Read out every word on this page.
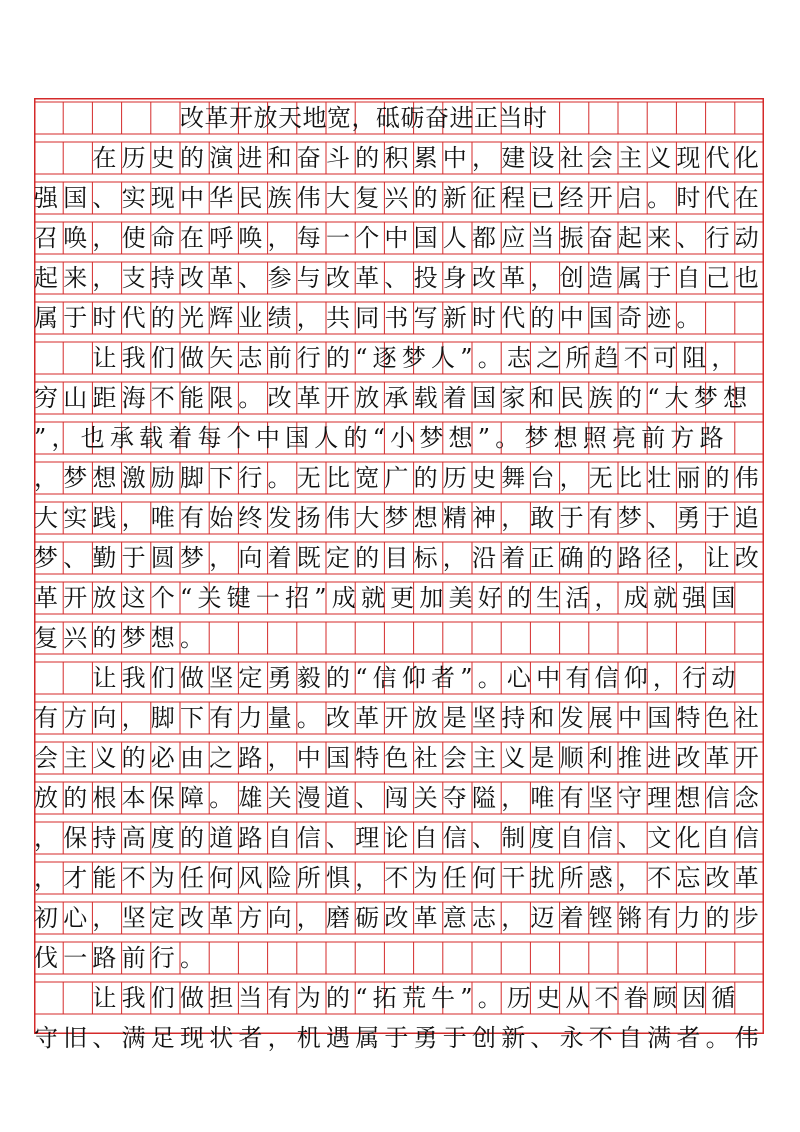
改革开放天地宽，砥砺奋进正当时
在历史的演进和奋斗的积累中，建设社会主义现代化
强国、实现中华民族伟大复兴的新征程已经开启。时代在
召唤，使命在呼唤，每一个中国人都应当振奋起来、行动
起来，支持改革、参与改革、投身改革，创造属于自己也
属于时代的光辉业绩，共同书写新时代的中国奇迹。
让我们做矢志前行的“逐梦人”。志之所趋不可阻，
穷山距海不能限。改革开放承载着国家和民族的“大梦想
”，也承载着每个中国人的“小梦想”。梦想照亮前方路
，梦想激励脚下行。无比宽广的历史舞台，无比壮丽的伟
大实践，唯有始终发扬伟大梦想精神，敢于有梦、勇于追
梦、勤于圆梦，向着既定的目标，沿着正确的路径，让改
革开放这个“关键一招”成就更加美好的生活，成就强国
复兴的梦想。
让我们做坚定勇毅的“信仰者”。心中有信仰，行动
有方向，脚下有力量。改革开放是坚持和发展中国特色社
会主义的必由之路，中国特色社会主义是顺利推进改革开
放的根本保障。雄关漫道、闯关夺隘，唯有坚守理想信念
，保持高度的道路自信、理论自信、制度自信、文化自信
，才能不为任何风险所惧，不为任何干扰所惑，不忘改革
初心，坚定改革方向，磨砺改革意志，迈着铿锵有力的步
伐一路前行。
让我们做担当有为的“拓荒牛”。历史从不眷顾因循
守旧、满足现状者，机遇属于勇于创新、永不自满者。伟
